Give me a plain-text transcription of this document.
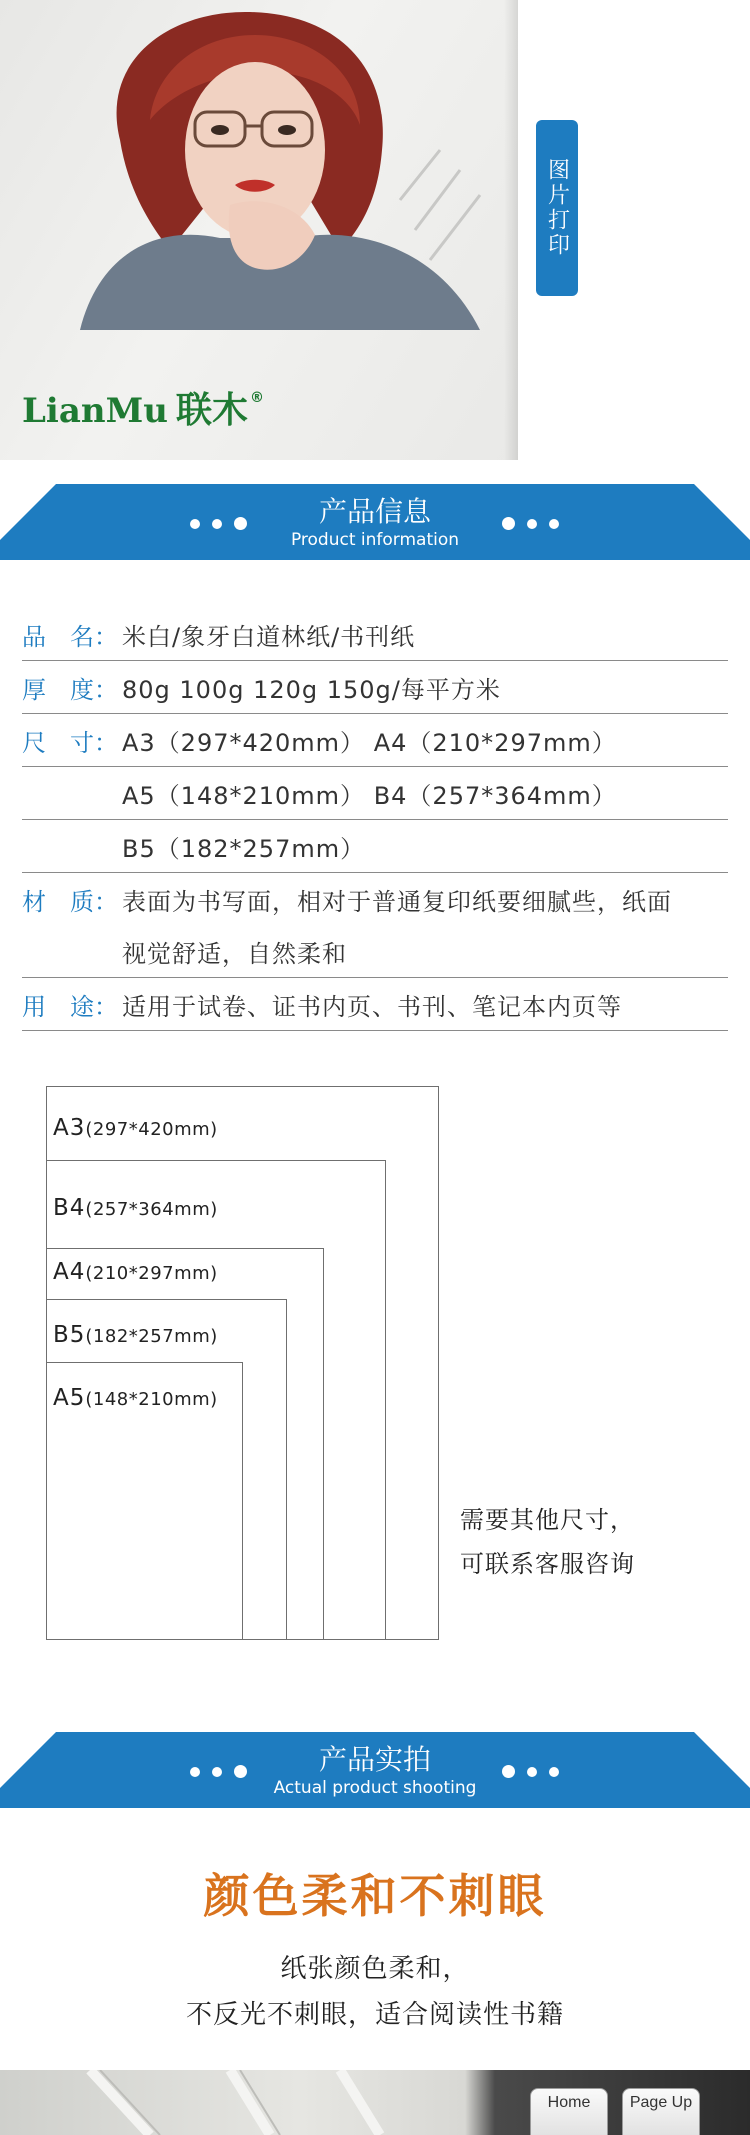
LianMu 联木 ®
图片打印
产品信息
Product information
品　名： 米白/象牙白道林纸/书刊纸
厚　度： 80g 100g 120g 150g/每平方米
尺　寸： A3（297*420mm） A4（210*297mm）
A5（148*210mm） B4（257*364mm）
B5（182*257mm）
材　质： 表面为书写面，相对于普通复印纸要细腻些，纸面
视觉舒适，自然柔和
用　途： 适用于试卷、证书内页、书刊、笔记本内页等
A3(297*420mm)
B4(257*364mm)
A4(210*297mm)
B5(182*257mm)
A5(148*210mm)
需要其他尺寸，
可联系客服咨询
产品实拍
Actual product shooting
颜色柔和不刺眼
纸张颜色柔和，
不反光不刺眼，适合阅读性书籍
Home	Page Up
